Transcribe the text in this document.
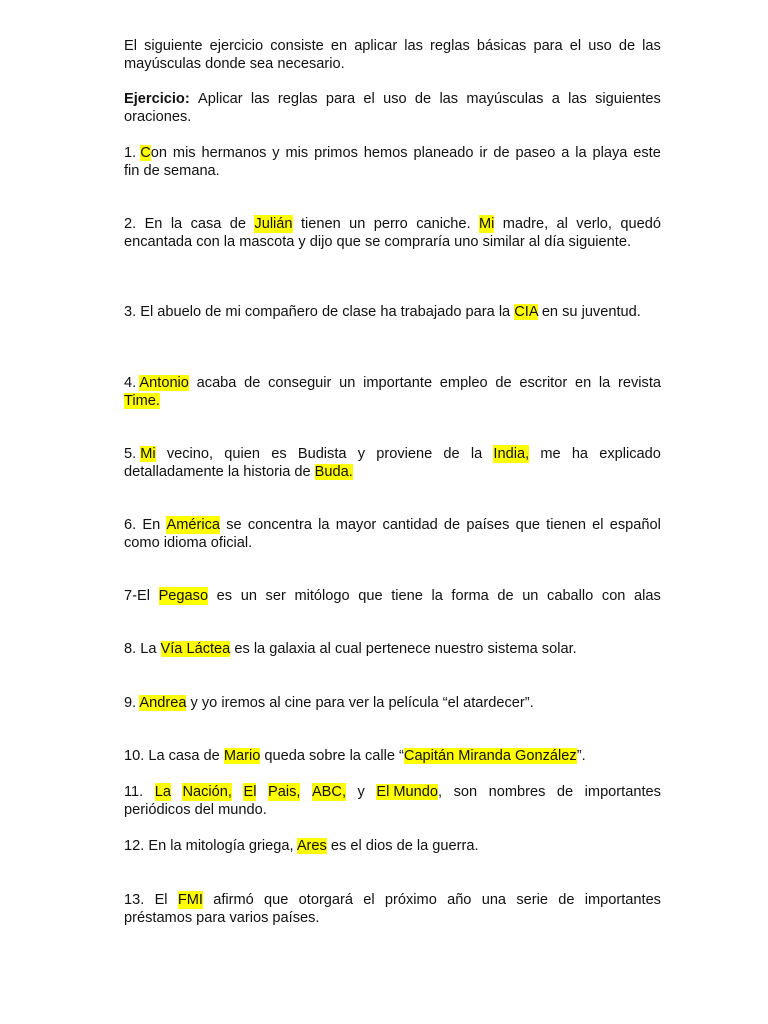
El siguiente ejercicio consiste en aplicar las reglas básicas para el uso de las
mayúsculas donde sea necesario.
Ejercicio: Aplicar las reglas para el uso de las mayúsculas a las siguientes
oraciones.
1. Con mis hermanos y mis primos hemos planeado ir de paseo a la playa este
fin de semana.
2. En la casa de Julián tienen un perro caniche. Mi madre, al verlo, quedó
encantada con la mascota y dijo que se compraría uno similar al día siguiente.
3. El abuelo de mi compañero de clase ha trabajado para la CIA en su juventud.
4. Antonio acaba de conseguir un importante empleo de escritor en la revista
Time.
5. Mi vecino, quien es Budista y proviene de la India, me ha explicado
detalladamente la historia de Buda.
6. En América se concentra la mayor cantidad de países que tienen el español
como idioma oficial.
7-El Pegaso es un ser mitólogo que tiene la forma de un caballo con alas
8. La Vía Láctea es la galaxia al cual pertenece nuestro sistema solar.
9. Andrea y yo iremos al cine para ver la película “el atardecer”.
10. La casa de Mario queda sobre la calle “Capitán Miranda González”.
11. La Nación, El Pais, ABC, y El Mundo, son nombres de importantes
periódicos del mundo.
12. En la mitología griega, Ares es el dios de la guerra.
13. El FMI afirmó que otorgará el próximo año una serie de importantes
préstamos para varios países.
